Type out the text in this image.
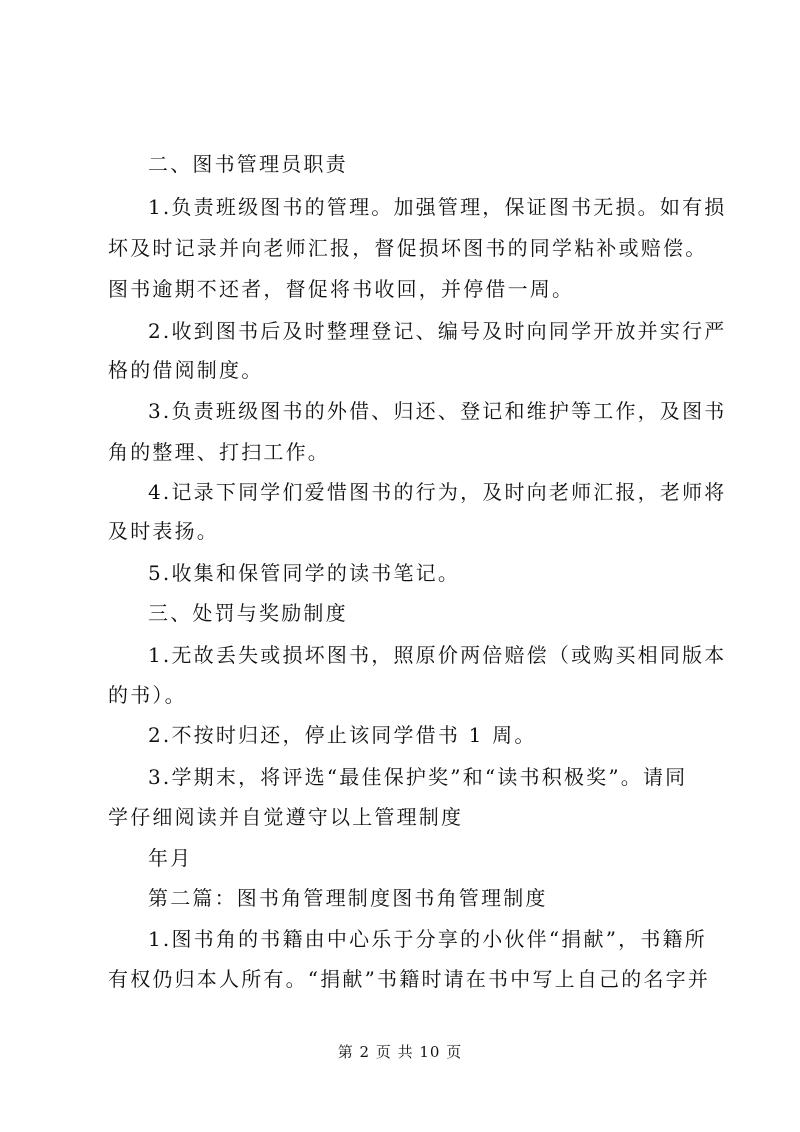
二、图书管理员职责
1.负责班级图书的管理。加强管理，保证图书无损。如有损
坏及时记录并向老师汇报，督促损坏图书的同学粘补或赔偿。
图书逾期不还者，督促将书收回，并停借一周。
2.收到图书后及时整理登记、编号及时向同学开放并实行严
格的借阅制度。
3.负责班级图书的外借、归还、登记和维护等工作，及图书
角的整理、打扫工作。
4.记录下同学们爱惜图书的行为，及时向老师汇报，老师将
及时表扬。
5.收集和保管同学的读书笔记。
三、处罚与奖励制度
1.无故丢失或损坏图书，照原价两倍赔偿（或购买相同版本
的书）。
2.不按时归还，停止该同学借书 1 周。
3.学期末，将评选“最佳保护奖”和“读书积极奖”。请同
学仔细阅读并自觉遵守以上管理制度
年月
第二篇：图书角管理制度图书角管理制度
1.图书角的书籍由中心乐于分享的小伙伴“捐献”，书籍所
有权仍归本人所有。“捐献”书籍时请在书中写上自己的名字并
第 2 页 共 10 页
